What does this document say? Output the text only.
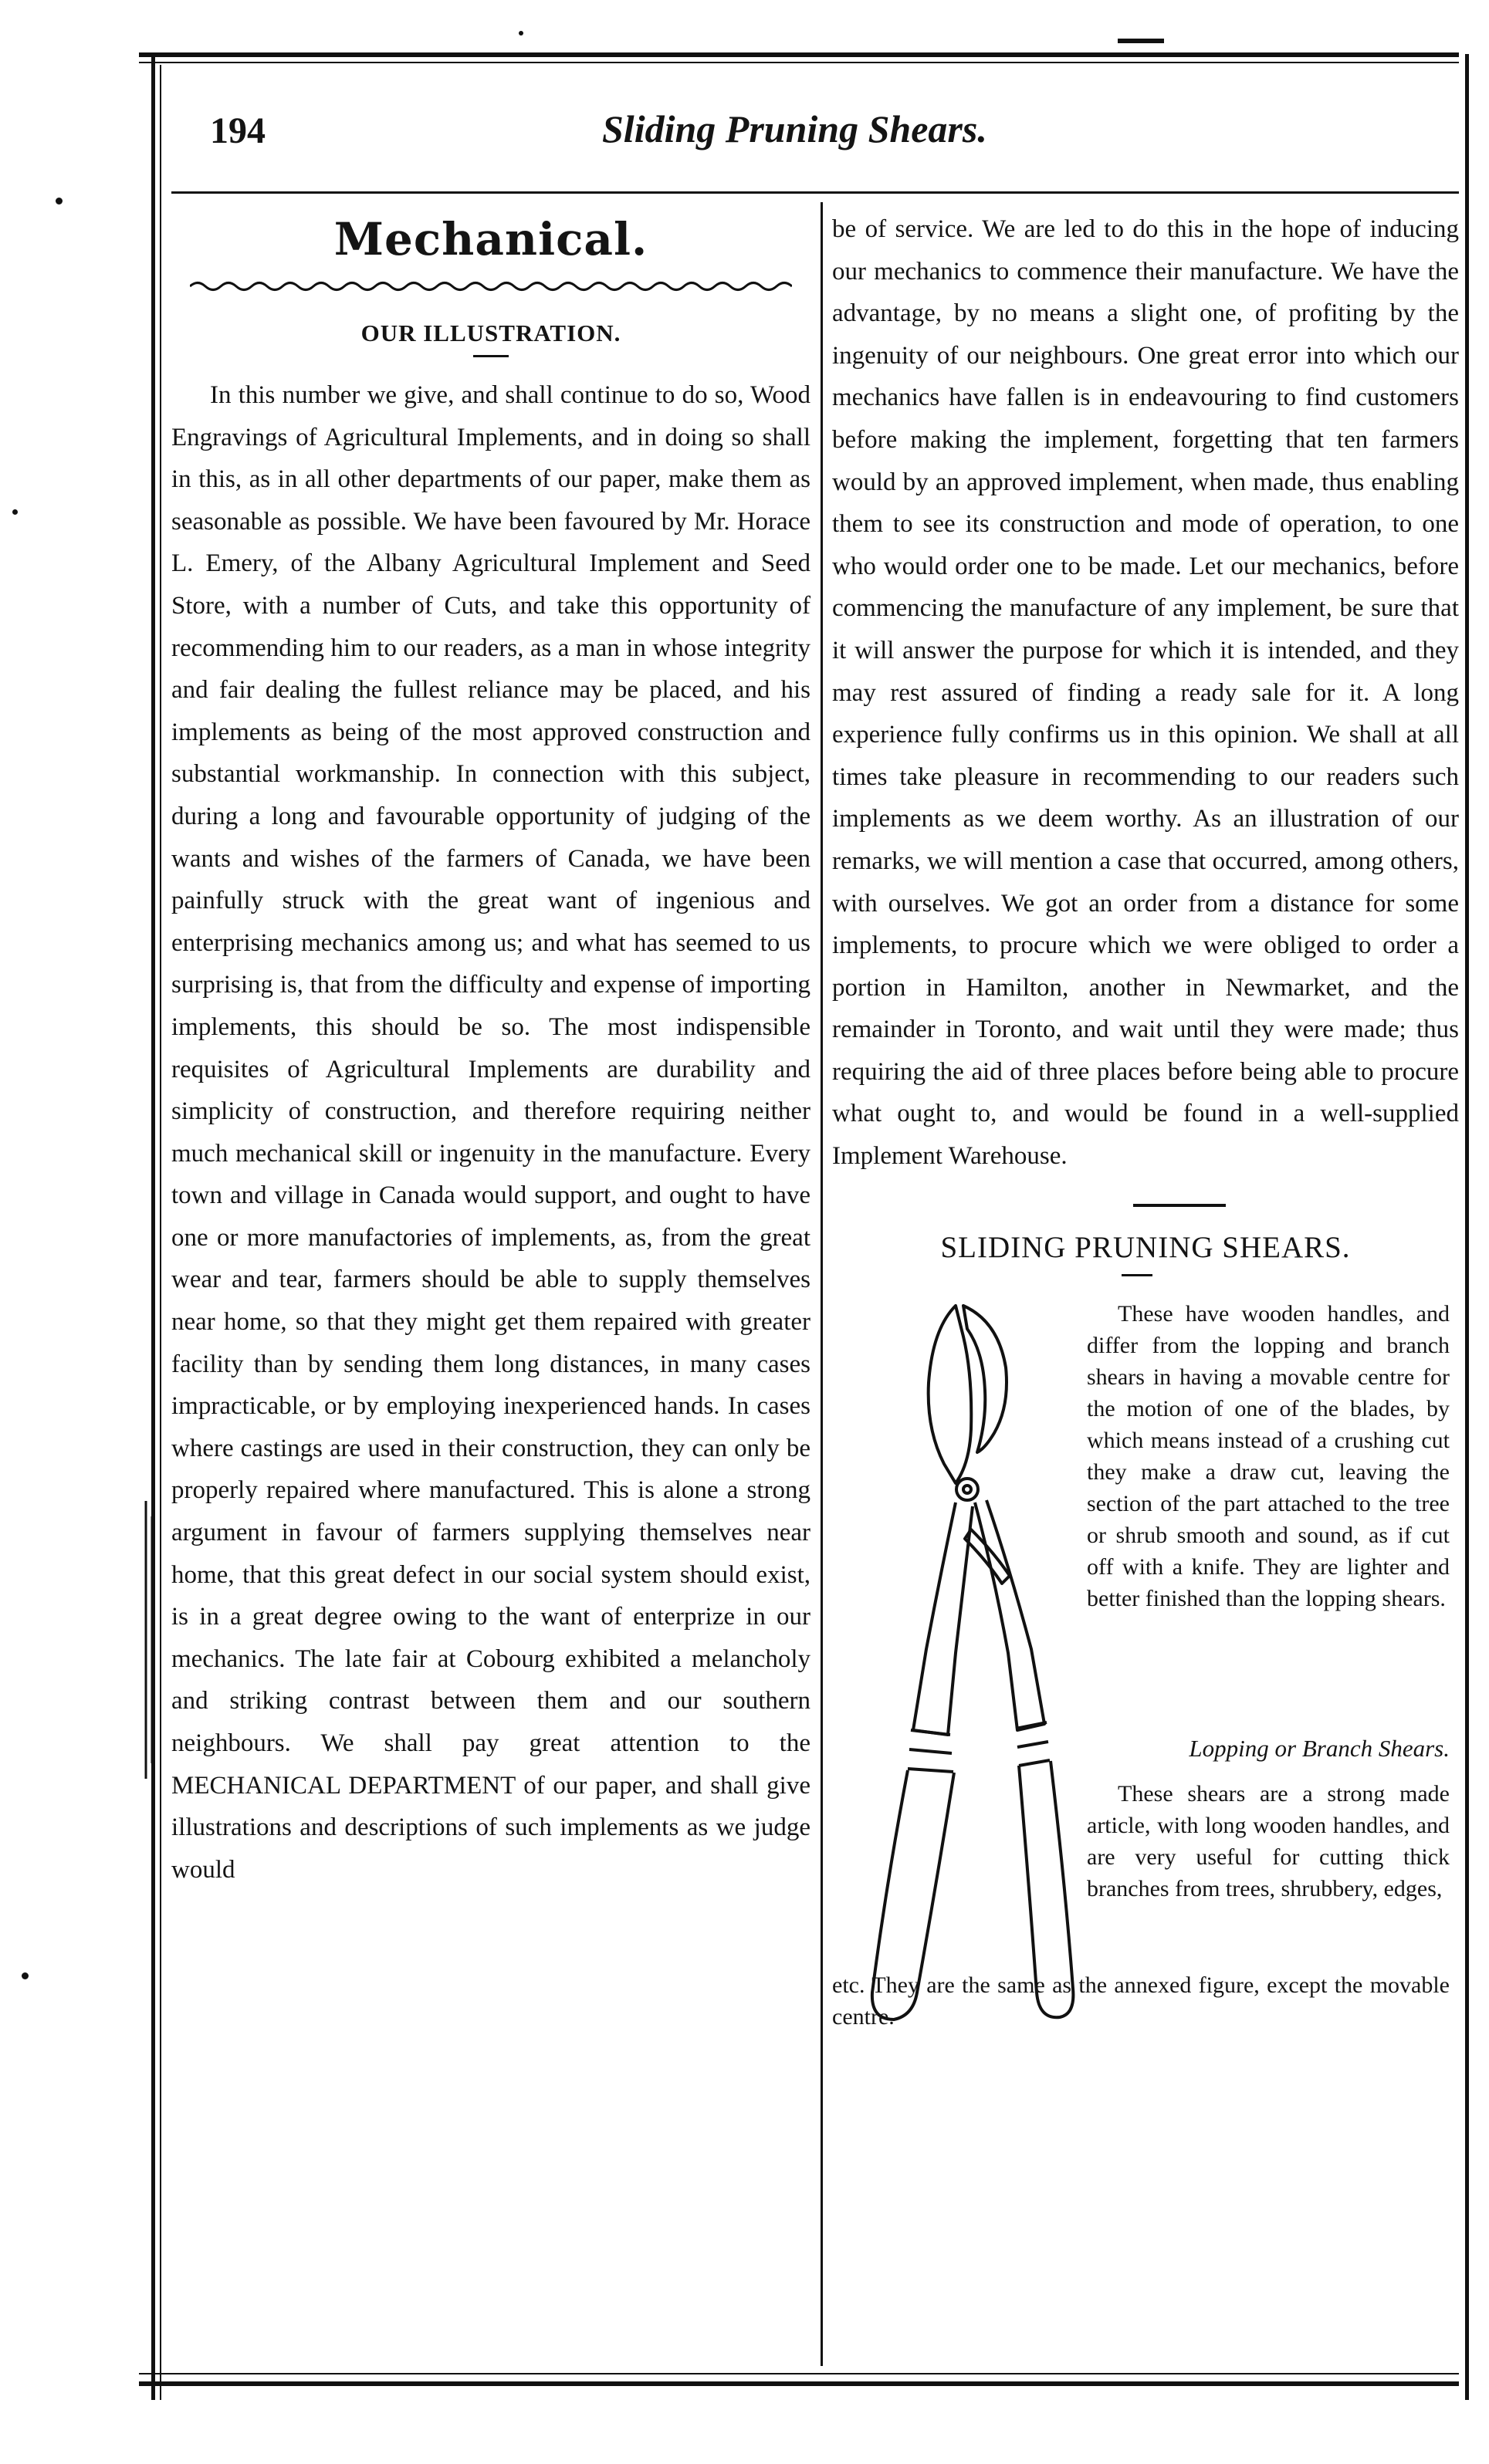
194	Sliding Pruning Shears.
Mechanical.
OUR ILLUSTRATION.

In this number we give, and shall continue to do so, Wood Engravings of Agricultural Implements, and in doing so shall in this, as in all other departments of our paper, make them as seasonable as possible. We have been favoured by Mr. Horace L. Emery, of the Albany Agricultural Implement and Seed Store, with a number of Cuts, and take this opportunity of recommending him to our readers, as a man in whose integrity and fair dealing the fullest reliance may be placed, and his implements as being of the most approved construction and substantial workmanship. In connection with this subject, during a long and favourable opportunity of judging of the wants and wishes of the farmers of Canada, we have been painfully struck with the great want of ingenious and enterprising mechanics among us; and what has seemed to us surprising is, that from the difficulty and expense of importing implements, this should be so. The most indispensible requisites of Agricultural Implements are durability and simplicity of construction, and therefore requiring neither much mechanical skill or ingenuity in the manufacture. Every town and village in Canada would support, and ought to have one or more manufactories of implements, as, from the great wear and tear, farmers should be able to supply themselves near home, so that they might get them repaired with greater facility than by sending them long distances, in many cases impracticable, or by employing inexperienced hands. In cases where castings are used in their construction, they can only be properly repaired where manufactured. This is alone a strong argument in favour of farmers supplying themselves near home, that this great defect in our social system should exist, is in a great degree owing to the want of enterprize in our mechanics. The late fair at Cobourg exhibited a melancholy and striking contrast between them and our southern neighbours. We shall pay great attention to the MECHANICAL DEPARTMENT of our paper, and shall give illustrations and descriptions of such implements as we judge would

be of service. We are led to do this in the hope of inducing our mechanics to commence their manufacture. We have the advantage, by no means a slight one, of profiting by the ingenuity of our neighbours. One great error into which our mechanics have fallen is in endeavouring to find customers before making the implement, forgetting that ten farmers would by an approved implement, when made, thus enabling them to see its construction and mode of operation, to one who would order one to be made. Let our mechanics, before commencing the manufacture of any implement, be sure that it will answer the purpose for which it is intended, and they may rest assured of finding a ready sale for it. A long experience fully confirms us in this opinion. We shall at all times take pleasure in recommending to our readers such implements as we deem worthy. As an illustration of our remarks, we will mention a case that occurred, among others, with ourselves. We got an order from a distance for some implements, to procure which we were obliged to order a portion in Hamilton, another in Newmarket, and the remainder in Toronto, and wait until they were made; thus requiring the aid of three places before being able to procure what ought to, and would be found in a well-supplied Implement Warehouse.

SLIDING PRUNING SHEARS.

These have wooden handles, and differ from the lopping and branch shears in having a movable centre for the motion of one of the blades, by which means instead of a crushing cut they make a draw cut, leaving the section of the part attached to the tree or shrub smooth and sound, as if cut off with a knife. They are lighter and better finished than the lopping shears.

Lopping or Branch Shears.

These shears are a strong made article, with long wooden handles, and are very useful for cutting thick branches from trees, shrubbery, edges,

etc. They are the same as the annexed figure, except the movable centre.
